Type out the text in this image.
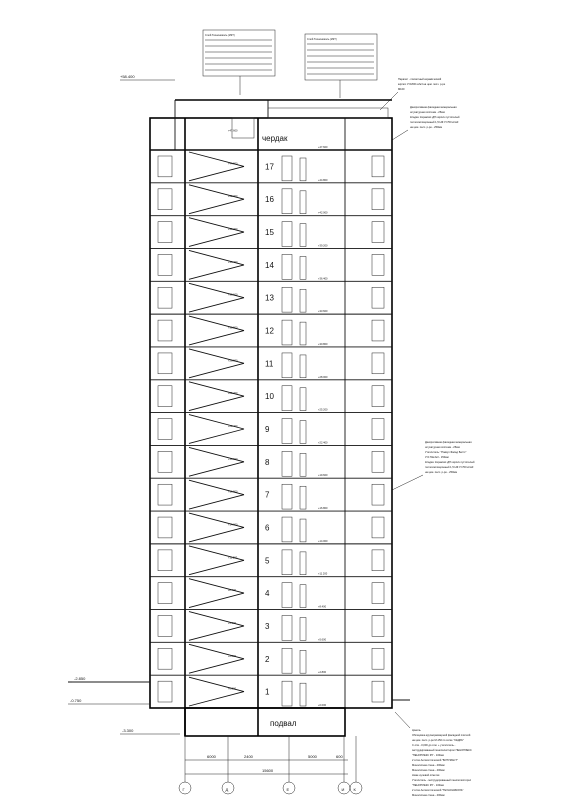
Слой Технониколь (ИКТ)
Слой Технониколь (ИКТ)
Парапет - посмотный керамический
кирпич У=1800 кг/м3 на цем. песч. р-ре
М100
Декоративная фасадная минеральная
штукатурная система - 25мм
Кладка: Керамзит-ДП кирпич пустотелый
теплоизоляционный 1,5 НФ У=700 кг/м3
на цем. песч. р-ре - 250мм
Декоративная фасадная минеральная
штукатурная система - 25мм
Утеплитель: "Роквул Фасад Баттс"
У=170кг/м3 - 150мм
Кладка: Керамзит-ДП кирпич пустотелый
теплоизоляционный 1,5 НФ У=700 кг/м3
на цем. песч. р-ре - 250мм
Цоколь
Облицовка крупноразмерной фасадной плиткой
на цем. песч. р-ре М-150 по сетке "СЕДРА"
С отм. -0,000 до отм. + утеплитель -
экструдированный пенополистирол ПЕНОПЛЕКС
"ПЕНОПЛЕКС 35" - 100мм
2 слоя Антисептический "БИТУМАСТ"
Монолитная стена - 400мм
Монолитная стена - 400мм
Ниже нулевой отметки
Утеплитель - экструдированный пенополистирол
"ПЕНОПЛЕКС 35" - 100мм
2 слоя Антисептический "ТЕХНОНИКОЛЬ"
Монолитная стена - 400мм
+58.400
1
2
3
4
5
6
7
8
9
10
11
12
13
14
15
16
17
+0.000
+0.000
+2.800
+2.800
+5.600
+5.600
+8.400
+8.400
+11.200
+11.200
+14.000
+14.000
+16.800
+16.800
+19.600
+19.600
+22.400
+22.400
+25.200
+25.200
+28.000
+28.000
+30.800
+30.800
+33.600
+33.600
+36.400
+36.400
+39.200
+39.200
+42.000
+42.000
+44.800
+44.800
+47.600
+47.600
чердак
подвал
-0.750
-2.850
-3.300
6000	2400	5000	600
15600
Г	Д	Е	И К
